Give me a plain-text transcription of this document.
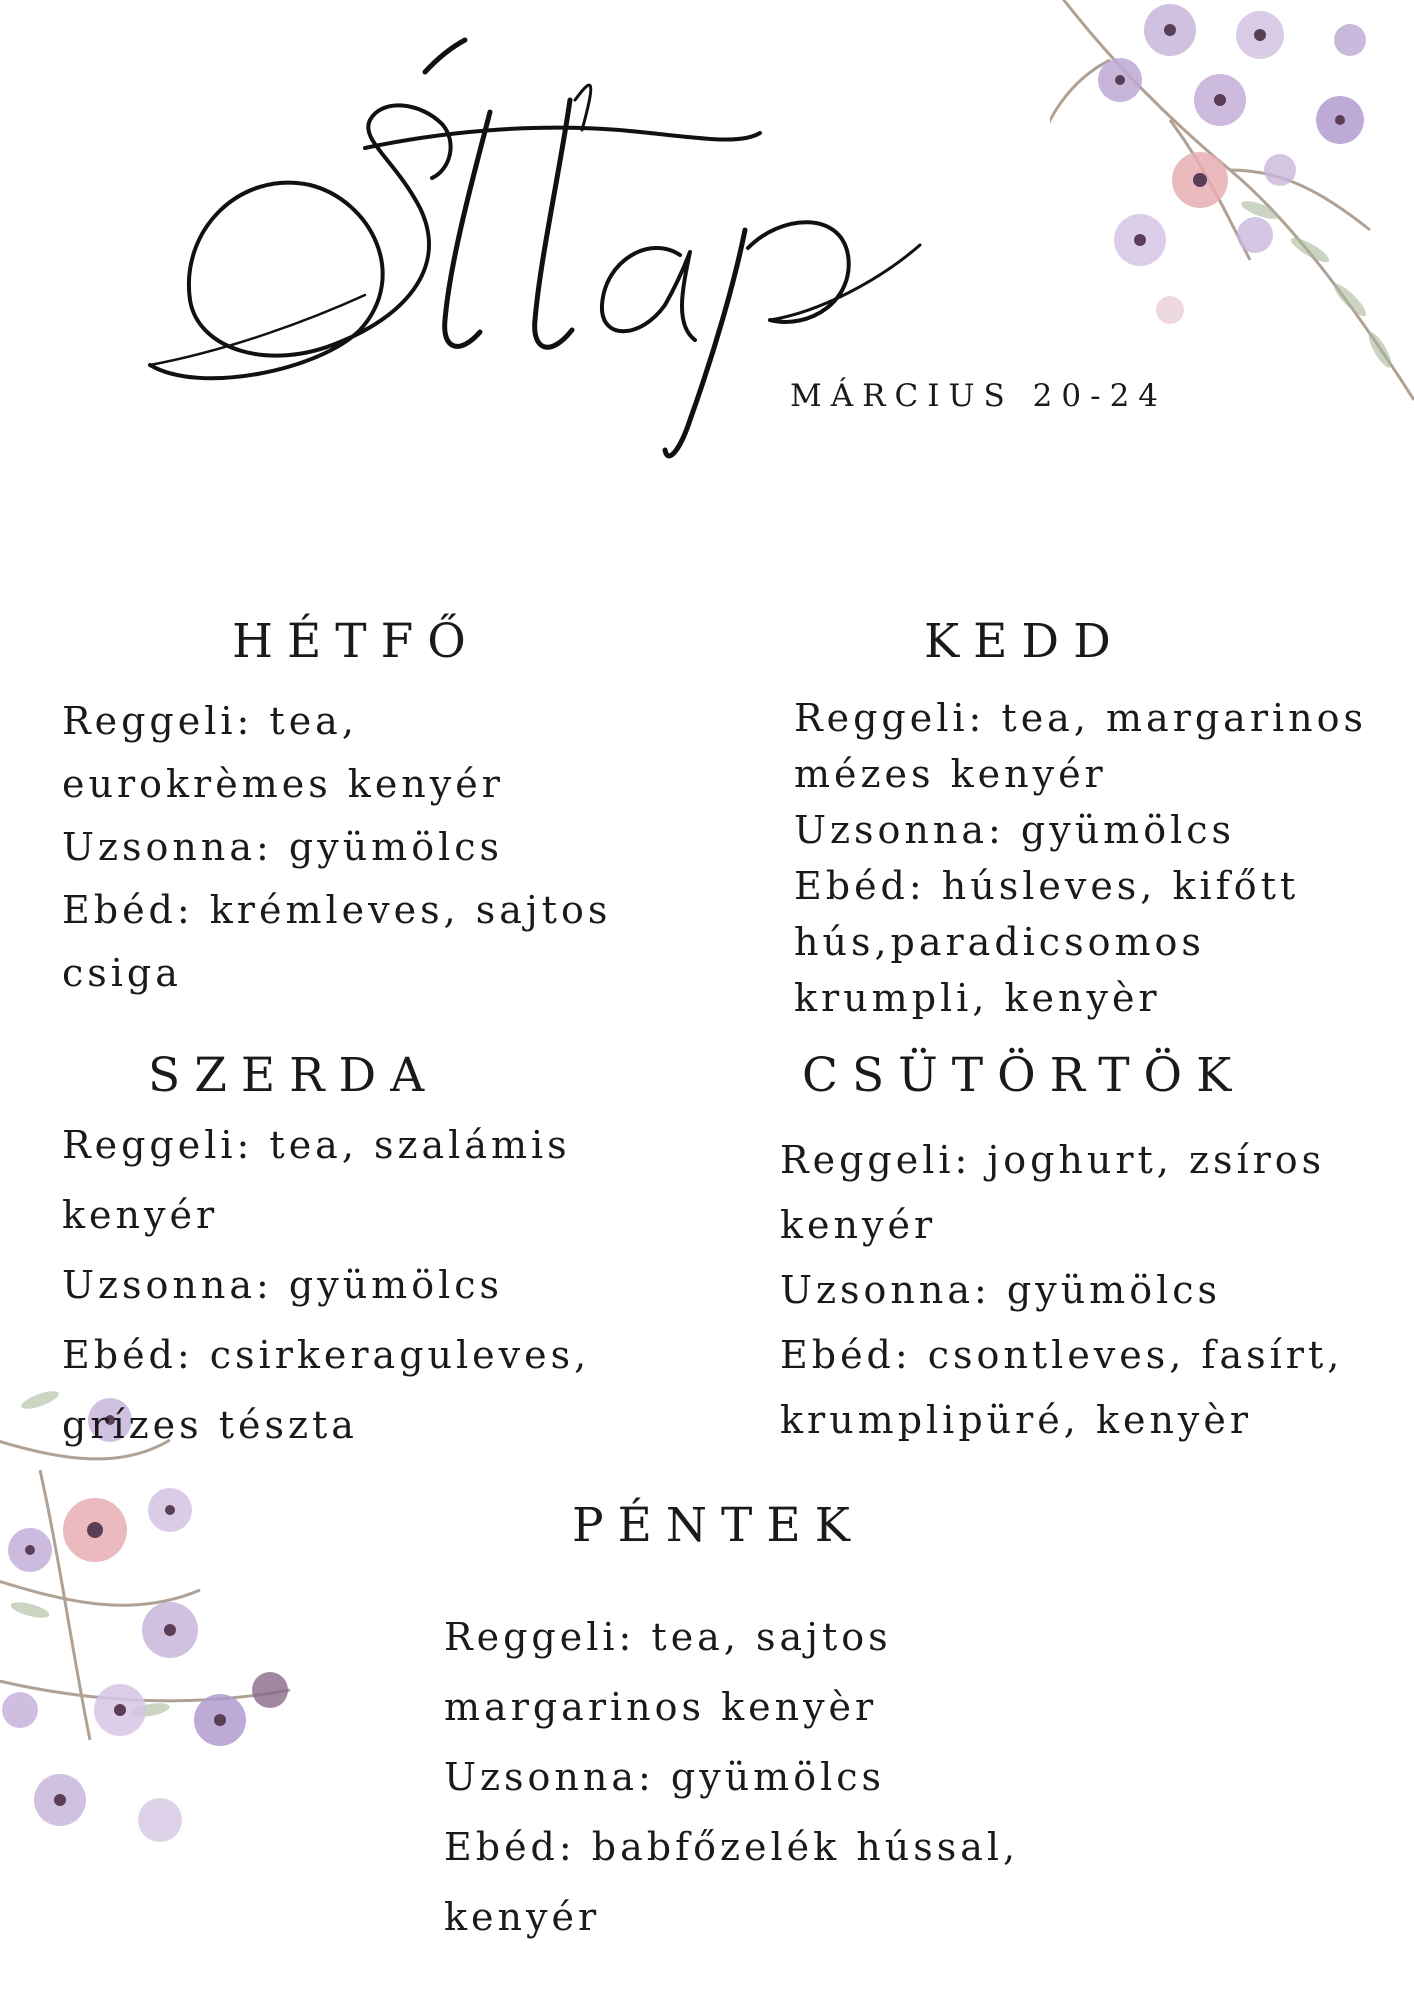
MÁRCIUS 20-24
HÉTFŐ
Reggeli: tea,
eurokrèmes kenyér
Uzsonna: gyümölcs
Ebéd: krémleves, sajtos
csiga
KEDD
Reggeli: tea, margarinos
mézes kenyér
Uzsonna: gyümölcs
Ebéd: húsleves, kifőtt
hús,paradicsomos
krumpli, kenyèr
SZERDA
Reggeli: tea, szalámis
kenyér
Uzsonna: gyümölcs
Ebéd: csirkeraguleves,
grízes tészta
CSÜTÖRTÖK
Reggeli: joghurt, zsíros
kenyér
Uzsonna: gyümölcs
Ebéd: csontleves, fasírt,
krumplipüré, kenyèr
PÉNTEK
Reggeli: tea, sajtos
margarinos kenyèr
Uzsonna: gyümölcs
Ebéd: babfőzelék hússal,
kenyér
